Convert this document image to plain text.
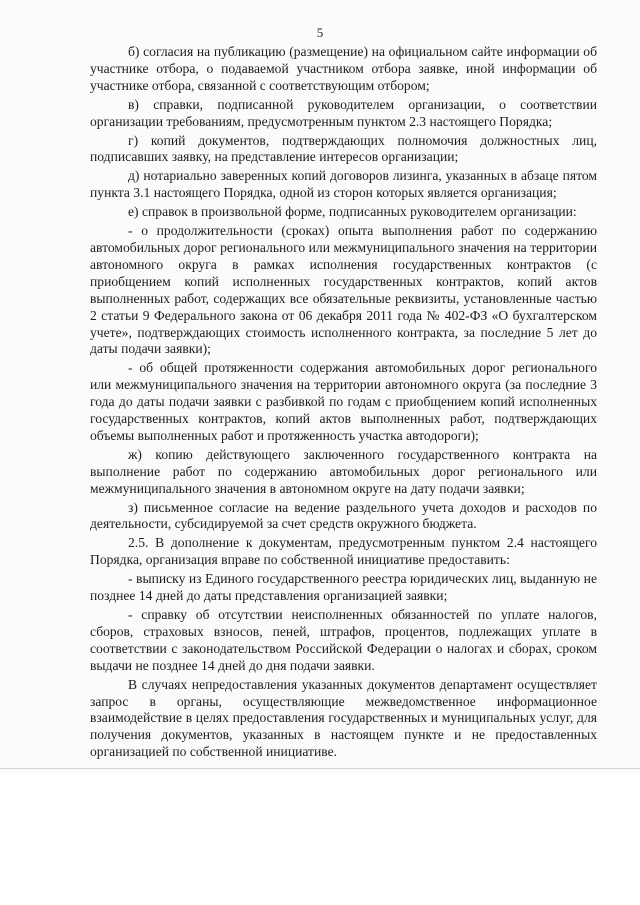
5

б) согласия на публикацию (размещение) на официальном сайте информации об участнике отбора, о подаваемой участником отбора заявке, иной информации об участнике отбора, связанной с соответствующим отбором;

в) справки, подписанной руководителем организации, о соответствии организации требованиям, предусмотренным пунктом 2.3 настоящего Порядка;

г) копий документов, подтверждающих полномочия должностных лиц, подписавших заявку, на представление интересов организации;

д) нотариально заверенных копий договоров лизинга, указанных в абзаце пятом пункта 3.1 настоящего Порядка, одной из сторон которых является организация;

е) справок в произвольной форме, подписанных руководителем организации:

- о продолжительности (сроках) опыта выполнения работ по содержанию автомобильных дорог регионального или межмуниципального значения на территории автономного округа в рамках исполнения государственных контрактов (с приобщением копий исполненных государственных контрактов, копий актов выполненных работ, содержащих все обязательные реквизиты, установленные частью 2 статьи 9 Федерального закона от 06 декабря 2011 года № 402-ФЗ «О бухгалтерском учете», подтверждающих стоимость исполненного контракта, за последние 5 лет до даты подачи заявки);

- об общей протяженности содержания автомобильных дорог регионального или межмуниципального значения на территории автономного округа (за последние 3 года до даты подачи заявки с разбивкой по годам с приобщением копий исполненных государственных контрактов, копий актов выполненных работ, подтверждающих объемы выполненных работ и протяженность участка автодороги);

ж) копию действующего заключенного государственного контракта на выполнение работ по содержанию автомобильных дорог регионального или межмуниципального значения в автономном округе на дату подачи заявки;

з) письменное согласие на ведение раздельного учета доходов и расходов по деятельности, субсидируемой за счет средств окружного бюджета.

2.5. В дополнение к документам, предусмотренным пунктом 2.4 настоящего Порядка, организация вправе по собственной инициативе предоставить:

- выписку из Единого государственного реестра юридических лиц, выданную не позднее 14 дней до даты представления организацией заявки;

- справку об отсутствии неисполненных обязанностей по уплате налогов, сборов, страховых взносов, пеней, штрафов, процентов, подлежащих уплате в соответствии с законодательством Российской Федерации о налогах и сборах, сроком выдачи не позднее 14 дней до дня подачи заявки.

В случаях непредоставления указанных документов департамент осуществляет запрос в органы, осуществляющие межведомственное информационное взаимодействие в целях предоставления государственных и муниципальных услуг, для получения документов, указанных в настоящем пункте и не предоставленных организацией по собственной инициативе.
